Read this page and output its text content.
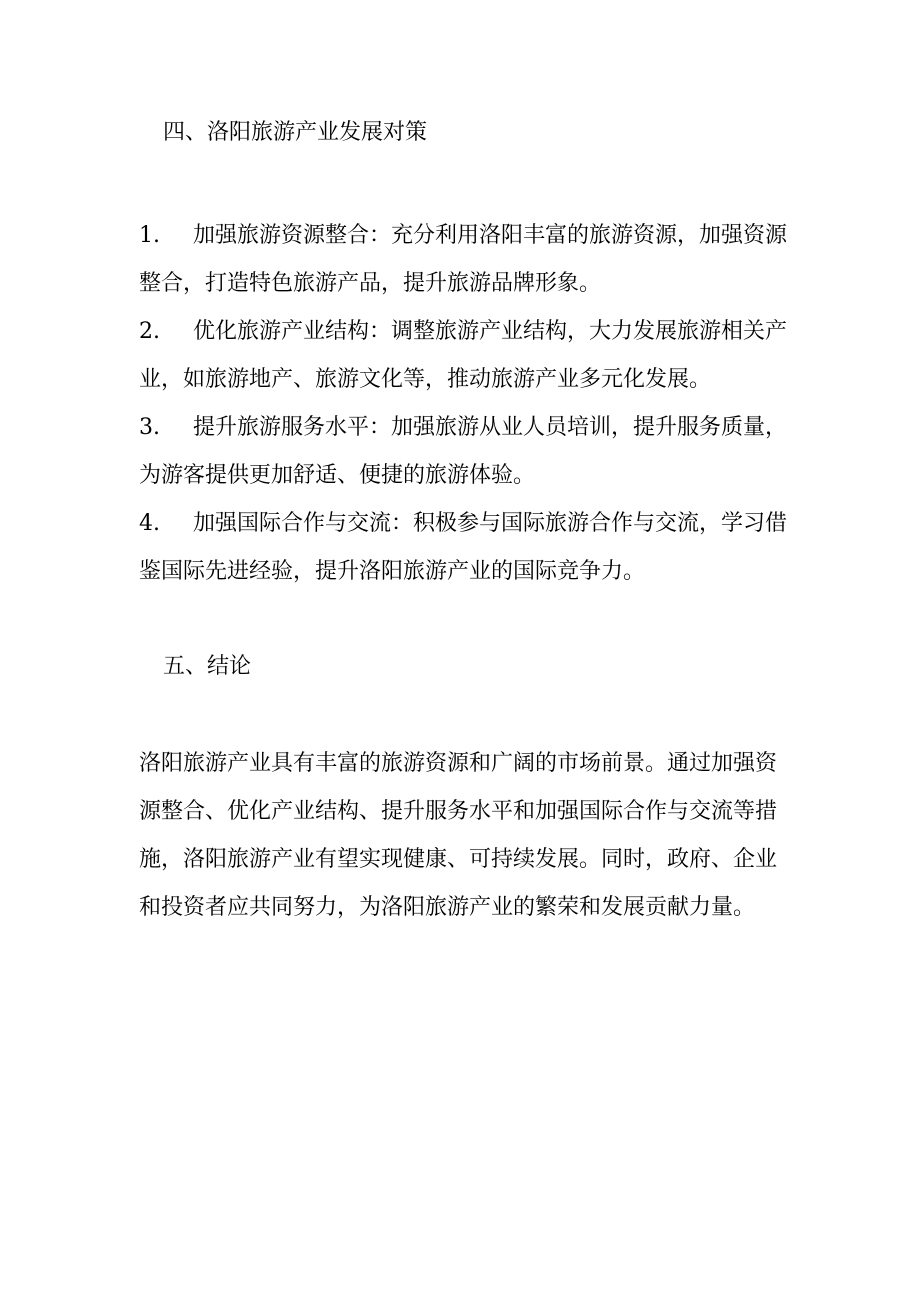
四、洛阳旅游产业发展对策
1. 加强旅游资源整合：充分利用洛阳丰富的旅游资源，加强资源整合，打造特色旅游产品，提升旅游品牌形象。
2. 优化旅游产业结构：调整旅游产业结构，大力发展旅游相关产业，如旅游地产、旅游文化等，推动旅游产业多元化发展。
3. 提升旅游服务水平：加强旅游从业人员培训，提升服务质量，为游客提供更加舒适、便捷的旅游体验。
4. 加强国际合作与交流：积极参与国际旅游合作与交流，学习借鉴国际先进经验，提升洛阳旅游产业的国际竞争力。
五、结论

洛阳旅游产业具有丰富的旅游资源和广阔的市场前景。通过加强资源整合、优化产业结构、提升服务水平和加强国际合作与交流等措施，洛阳旅游产业有望实现健康、可持续发展。同时，政府、企业和投资者应共同努力，为洛阳旅游产业的繁荣和发展贡献力量。
